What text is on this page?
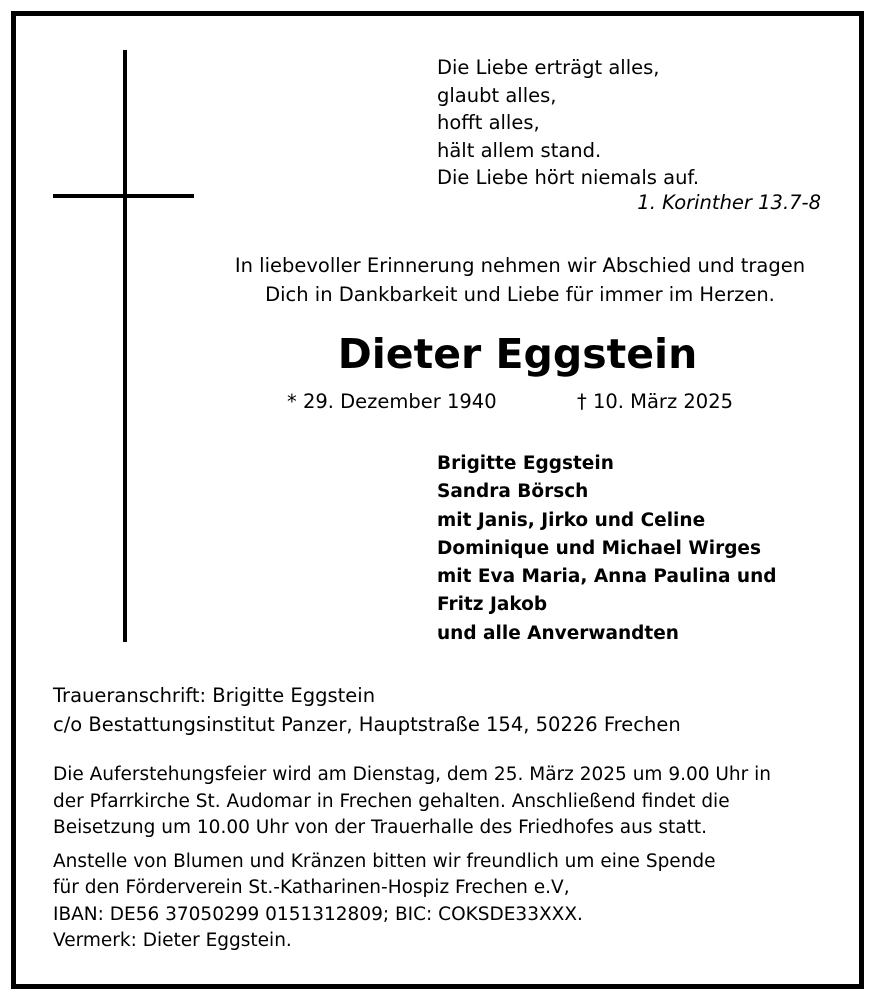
Die Liebe erträgt alles,
glaubt alles,
hofft alles,
hält allem stand.
Die Liebe hört niemals auf.
1. Korinther 13.7-8
In liebevoller Erinnerung nehmen wir Abschied und tragen
Dich in Dankbarkeit und Liebe für immer im Herzen.
Dieter Eggstein
* 29. Dezember 1940	† 10. März 2025
Brigitte Eggstein
Sandra Börsch
mit Janis, Jirko und Celine
Dominique und Michael Wirges
mit Eva Maria, Anna Paulina und
Fritz Jakob
und alle Anverwandten
Traueranschrift: Brigitte Eggstein
c/o Bestattungsinstitut Panzer, Hauptstraße 154, 50226 Frechen
Die Auferstehungsfeier wird am Dienstag, dem 25. März 2025 um 9.00 Uhr in
der Pfarrkirche St. Audomar in Frechen gehalten. Anschließend findet die
Beisetzung um 10.00 Uhr von der Trauerhalle des Friedhofes aus statt.
Anstelle von Blumen und Kränzen bitten wir freundlich um eine Spende
für den Förderverein St.-Katharinen-Hospiz Frechen e.V,
IBAN: DE56 37050299 0151312809; BIC: COKSDE33XXX.
Vermerk: Dieter Eggstein.
